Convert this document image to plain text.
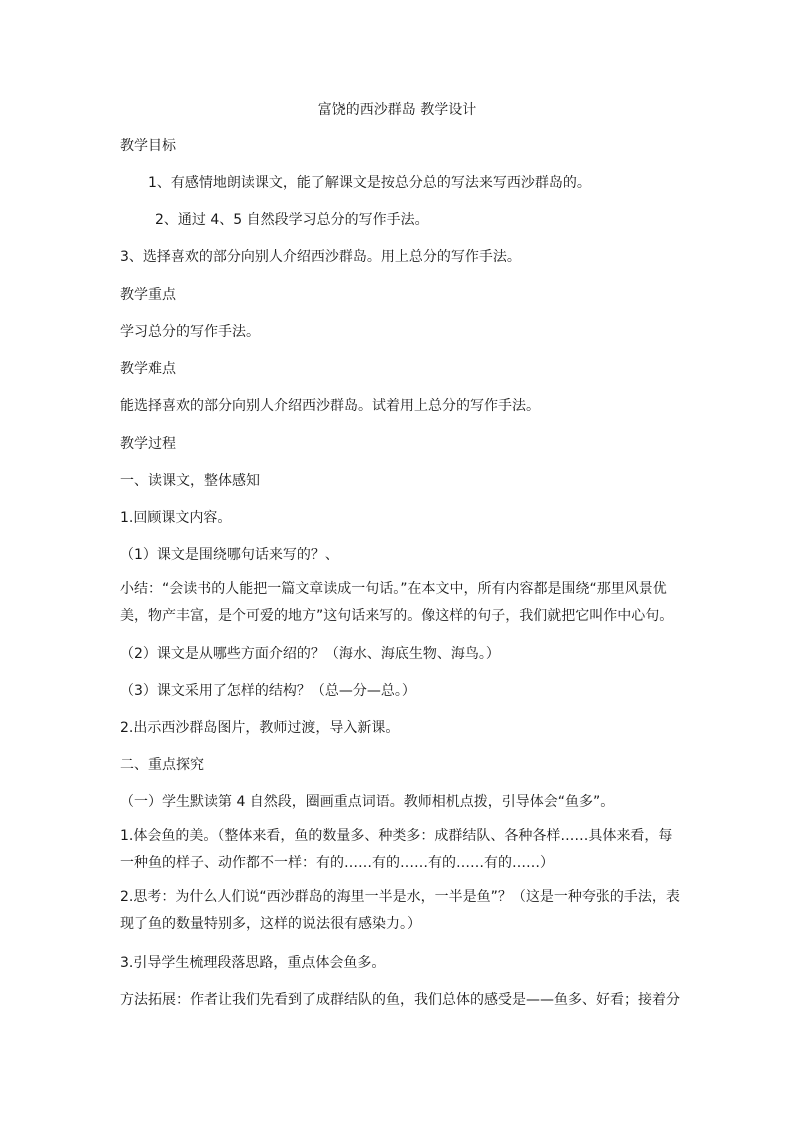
富饶的西沙群岛 教学设计
教学目标
1、有感情地朗读课文，能了解课文是按总分总的写法来写西沙群岛的。
2、通过 4、5 自然段学习总分的写作手法。
3、选择喜欢的部分向别人介绍西沙群岛。用上总分的写作手法。
教学重点
学习总分的写作手法。
教学难点
能选择喜欢的部分向别人介绍西沙群岛。试着用上总分的写作手法。
教学过程
一、读课文，整体感知
1.回顾课文内容。
（1）课文是围绕哪句话来写的？、
小结：“会读书的人能把一篇文章读成一句话。”在本文中，所有内容都是围绕“那里风景优美，物产丰富，是个可爱的地方”这句话来写的。像这样的句子，我们就把它叫作中心句。
（2）课文是从哪些方面介绍的？（海水、海底生物、海鸟。）
（3）课文采用了怎样的结构？（总—分—总。）
2.出示西沙群岛图片，教师过渡，导入新课。
二、重点探究
（一）学生默读第 4 自然段，圈画重点词语。教师相机点拨，引导体会“鱼多”。
1.体会鱼的美。（整体来看，鱼的数量多、种类多：成群结队、各种各样……具体来看，每一种鱼的样子、动作都不一样：有的……有的……有的……有的……）
2.思考：为什么人们说“西沙群岛的海里一半是水，一半是鱼”？（这是一种夸张的手法，表现了鱼的数量特别多，这样的说法很有感染力。）
3.引导学生梳理段落思路，重点体会鱼多。
方法拓展：作者让我们先看到了成群结队的鱼，我们总体的感受是——鱼多、好看；接着分
